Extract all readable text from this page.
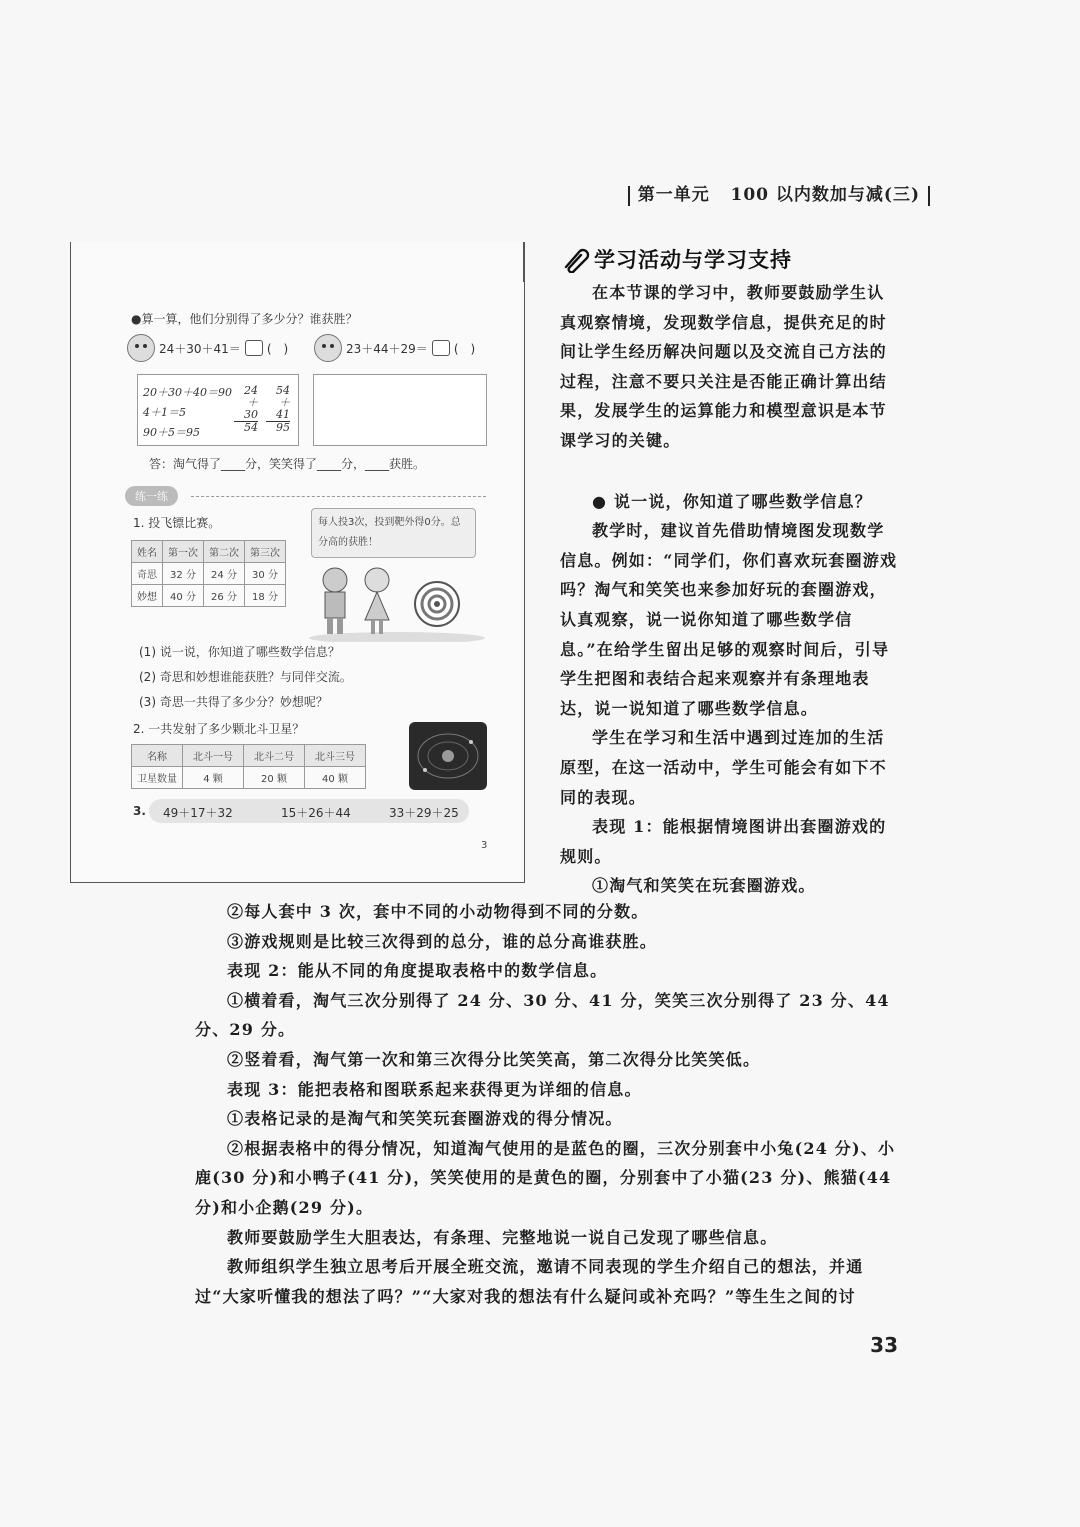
第一单元 100 以内数加与减(三)
●算一算，他们分别得了多少分？谁获胜？
24＋30＋41＝ (　)	23＋44＋29＝ (　)
20＋30＋40＝90
4＋1＝5
90＋5＝95
24
＋30
54
54
＋41
95
答：淘气得了____分，笑笑得了____分，____获胜。
练一练
1. 投飞镖比赛。	每人投3次，投到靶外得0分。总分高的获胜！
姓名	第一次	第二次	第三次
奇思	32 分	24 分	30 分
妙想	40 分	26 分	18 分
(1) 说一说，你知道了哪些数学信息？
(2) 奇思和妙想谁能获胜？与同伴交流。
(3) 奇思一共得了多少分？妙想呢？
2. 一共发射了多少颗北斗卫星？
名称	北斗一号	北斗二号	北斗三号
卫星数量	4 颗	20 颗	40 颗
3. 49＋17＋32	15＋26＋44	33＋29＋25
3
学习活动与学习支持

在本节课的学习中，教师要鼓励学生认真观察情境，发现数学信息，提供充足的时间让学生经历解决问题以及交流自己方法的过程，注意不要只关注是否能正确计算出结果，发展学生的运算能力和模型意识是本节课学习的关键。

● 说一说，你知道了哪些数学信息？

教学时，建议首先借助情境图发现数学信息。例如：“同学们，你们喜欢玩套圈游戏吗？淘气和笑笑也来参加好玩的套圈游戏，认真观察，说一说你知道了哪些数学信息。”在给学生留出足够的观察时间后，引导学生把图和表结合起来观察并有条理地表达，说一说知道了哪些数学信息。

学生在学习和生活中遇到过连加的生活原型，在这一活动中，学生可能会有如下不同的表现。

表现 1：能根据情境图讲出套圈游戏的规则。

①淘气和笑笑在玩套圈游戏。

②每人套中 3 次，套中不同的小动物得到不同的分数。

③游戏规则是比较三次得到的总分，谁的总分高谁获胜。

表现 2：能从不同的角度提取表格中的数学信息。

①横着看，淘气三次分别得了 24 分、30 分、41 分，笑笑三次分别得了 23 分、44 分、29 分。

②竖着看，淘气第一次和第三次得分比笑笑高，第二次得分比笑笑低。

表现 3：能把表格和图联系起来获得更为详细的信息。

①表格记录的是淘气和笑笑玩套圈游戏的得分情况。

②根据表格中的得分情况，知道淘气使用的是蓝色的圈，三次分别套中小兔(24 分)、小鹿(30 分)和小鸭子(41 分)，笑笑使用的是黄色的圈，分别套中了小猫(23 分)、熊猫(44 分)和小企鹅(29 分)。

教师要鼓励学生大胆表达，有条理、完整地说一说自己发现了哪些信息。

教师组织学生独立思考后开展全班交流，邀请不同表现的学生介绍自己的想法，并通过“大家听懂我的想法了吗？”“大家对我的想法有什么疑问或补充吗？”等生生之间的讨

33
